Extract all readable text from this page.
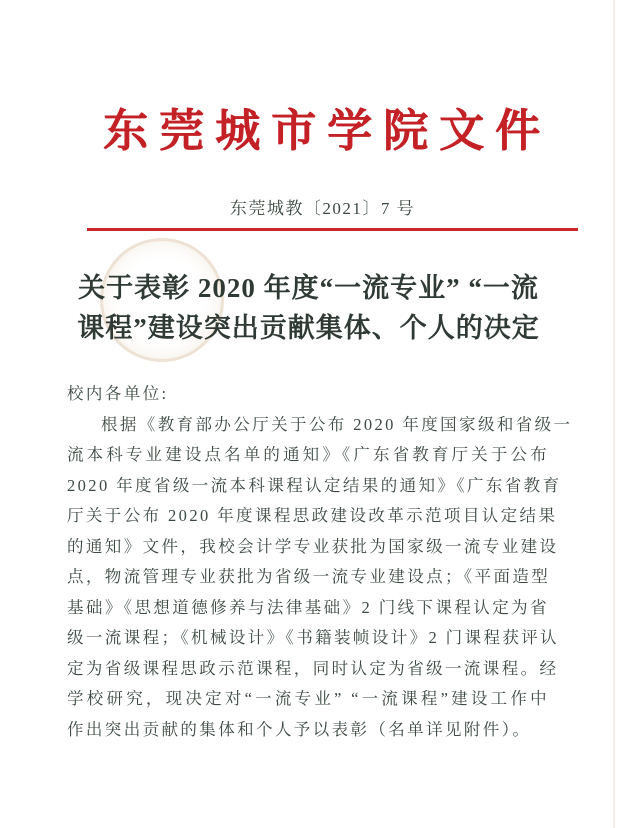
东莞城市学院文件
东莞城教〔2021〕7 号
关于表彰 2020 年度“一流专业” “一流
课程”建设突出贡献集体、个人的决定
校内各单位:
根据《教育部办公厅关于公布 2020 年度国家级和省级一
流本科专业建设点名单的通知》《广东省教育厅关于公布
2020 年度省级一流本科课程认定结果的通知》《广东省教育
厅关于公布 2020 年度课程思政建设改革示范项目认定结果
的通知》文件，我校会计学专业获批为国家级一流专业建设
点，物流管理专业获批为省级一流专业建设点；《平面造型
基础》《思想道德修养与法律基础》2 门线下课程认定为省
级一流课程；《机械设计》《书籍装帧设计》2 门课程获评认
定为省级课程思政示范课程，同时认定为省级一流课程。经
学校研究，现决定对“一流专业” “一流课程”建设工作中
作出突出贡献的集体和个人予以表彰（名单详见附件）。
